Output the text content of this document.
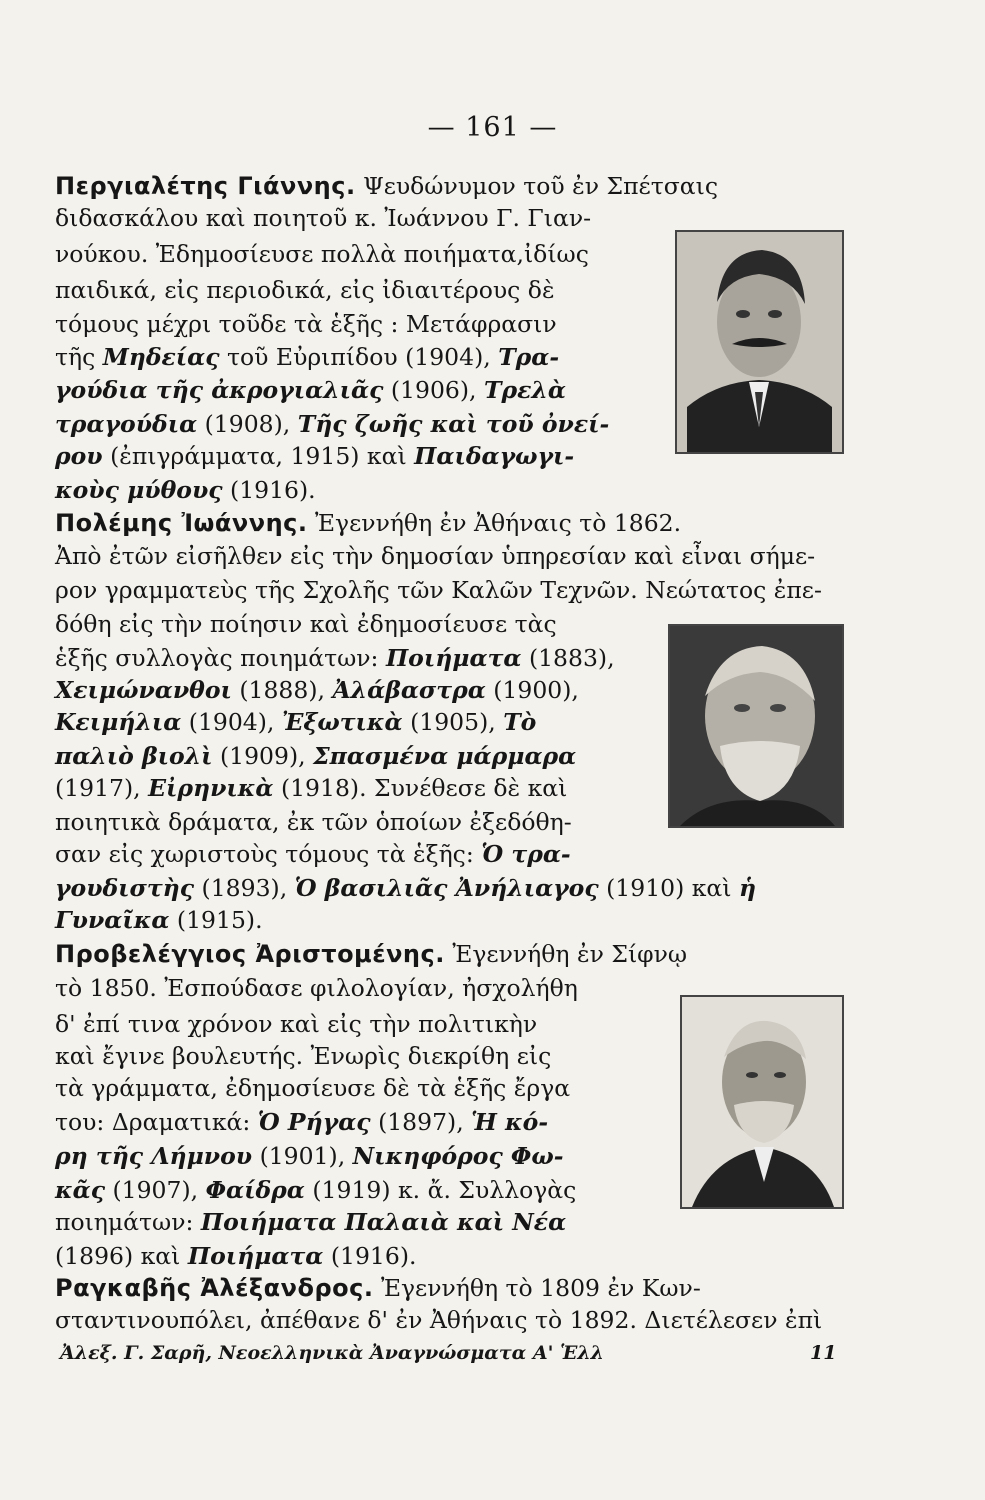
— 161 —
Περγιαλέτης Γιάννης. Ψευδώνυμον τοῦ ἐν Σπέτσαις
διδασκάλου καὶ ποιητοῦ κ. Ἰωάννου Γ. Γιαν-
νούκου. Ἐδημοσίευσε πολλὰ ποιήματα,ἰδίως
παιδικά, εἰς περιοδικά, εἰς ἰδιαιτέρους δὲ
τόμους μέχρι τοῦδε τὰ ἑξῆς : Μετάφρασιν
τῆς Μηδείας τοῦ Εὐριπίδου (1904), Τρα-
γούδια τῆς ἀκρογιαλιᾶς (1906), Τρελὰ
τραγούδια (1908), Τῆς ζωῆς καὶ τοῦ ὀνεί-
ρου (ἐπιγράμματα, 1915) καὶ Παιδαγωγι-
κοὺς μύθους (1916).
Πολέμης Ἰωάννης. Ἐγεννήθη ἐν Ἀθήναις τὸ 1862.
Ἀπὸ ἐτῶν εἰσῆλθεν εἰς τὴν δημοσίαν ὑπηρεσίαν καὶ εἶναι σήμε-
ρον γραμματεὺς τῆς Σχολῆς τῶν Καλῶν Τεχνῶν. Νεώτατος ἐπε-
δόθη εἰς τὴν ποίησιν καὶ ἐδημοσίευσε τὰς
ἑξῆς συλλογὰς ποιημάτων: Ποιήματα (1883),
Χειμώνανθοι (1888), Ἀλάβαστρα (1900),
Κειμήλια (1904), Ἐξωτικὰ (1905), Τὸ
παλιὸ βιολὶ (1909), Σπασμένα μάρμαρα
(1917), Εἰρηνικὰ (1918). Συνέθεσε δὲ καὶ
ποιητικὰ δράματα, ἐκ τῶν ὁποίων ἐξεδόθη-
σαν εἰς χωριστοὺς τόμους τὰ ἑξῆς: Ὁ τρα-
γουδιστὴς (1893), Ὁ βασιλιᾶς Ἀνήλιαγος (1910) καὶ ἡ
Γυναῖκα (1915).
Προβελέγγιος Ἀριστομένης. Ἐγεννήθη ἐν Σίφνῳ
τὸ 1850. Ἐσπούδασε φιλολογίαν, ἠσχολήθη
δ' ἐπί τινα χρόνον καὶ εἰς τὴν πολιτικὴν
καὶ ἔγινε βουλευτής. Ἐνωρὶς διεκρίθη εἰς
τὰ γράμματα, ἐδημοσίευσε δὲ τὰ ἑξῆς ἔργα
του: Δραματικά: Ὁ Ρήγας (1897), Ἡ κό-
ρη τῆς Λήμνου (1901), Νικηφόρος Φω-
κᾶς (1907), Φαίδρα (1919) κ. ἄ. Συλλογὰς
ποιημάτων: Ποιήματα Παλαιὰ καὶ Νέα
(1896) καὶ Ποιήματα (1916).
Ραγκαβῆς Ἀλέξανδρος. Ἐγεννήθη τὸ 1809 ἐν Κων-
σταντινουπόλει, ἀπέθανε δ' ἐν Ἀθήναις τὸ 1892. Διετέλεσεν ἐπὶ
Ἀλεξ. Γ. Σαρῆ, Νεοελληνικὰ Ἀναγνώσματα Α' Ἑλλ	11
